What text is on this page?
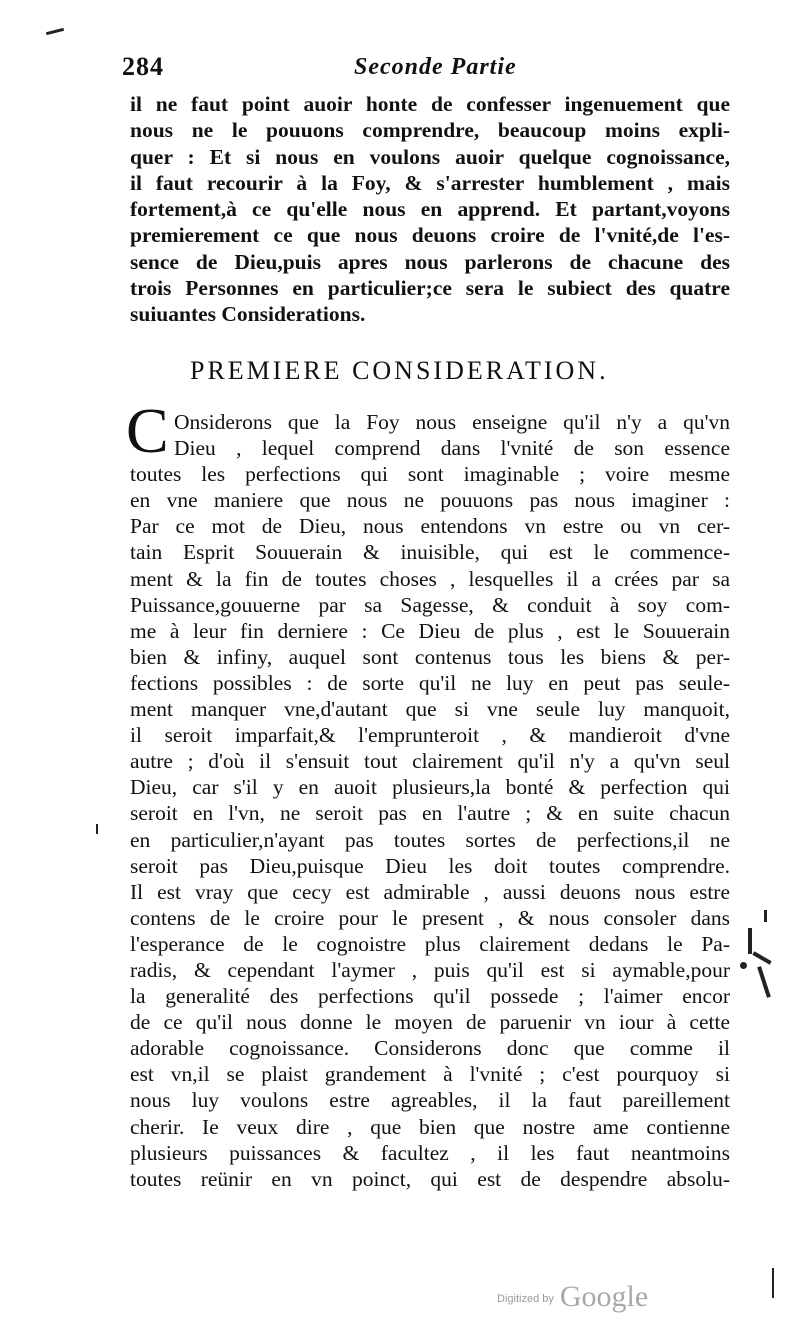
284	Seconde Partie
il ne faut point auoir honte de confesser ingenuement que
nous ne le pouuons comprendre, beaucoup moins expli-
quer : Et si nous en voulons auoir quelque cognoissance,
il faut recourir à la Foy, & s'arrester humblement , mais
fortement,à ce qu'elle nous en apprend. Et partant,voyons
premierement ce que nous deuons croire de l'vnité,de l'es-
sence de Dieu,puis apres nous parlerons de chacune des
trois Personnes en particulier;ce sera le subiect des quatre
suiuantes Considerations.
PREMIERE CONSIDERATION.
C Onsiderons que la Foy nous enseigne qu'il n'y a qu'vn
Dieu , lequel comprend dans l'vnité de son essence
toutes les perfections qui sont imaginable ; voire mesme
en vne maniere que nous ne pouuons pas nous imaginer :
Par ce mot de Dieu, nous entendons vn estre ou vn cer-
tain Esprit Souuerain & inuisible, qui est le commence-
ment & la fin de toutes choses , lesquelles il a crées par sa
Puissance,gouuerne par sa Sagesse, & conduit à soy com-
me à leur fin derniere : Ce Dieu de plus , est le Souuerain
bien & infiny, auquel sont contenus tous les biens & per-
fections possibles : de sorte qu'il ne luy en peut pas seule-
ment manquer vne,d'autant que si vne seule luy manquoit,
il seroit imparfait,& l'emprunteroit , & mandieroit d'vne
autre ; d'où il s'ensuit tout clairement qu'il n'y a qu'vn seul
Dieu, car s'il y en auoit plusieurs,la bonté & perfection qui
seroit en l'vn, ne seroit pas en l'autre ; & en suite chacun
en particulier,n'ayant pas toutes sortes de perfections,il ne
seroit pas Dieu,puisque Dieu les doit toutes comprendre.
Il est vray que cecy est admirable , aussi deuons nous estre
contens de le croire pour le present , & nous consoler dans
l'esperance de le cognoistre plus clairement dedans le Pa-
radis, & cependant l'aymer , puis qu'il est si aymable,pour
la generalité des perfections qu'il possede ; l'aimer encor
de ce qu'il nous donne le moyen de paruenir vn iour à cette
adorable cognoissance. Considerons donc que comme il
est vn,il se plaist grandement à l'vnité ; c'est pourquoy si
nous luy voulons estre agreables, il la faut pareillement
cherir. Ie veux dire , que bien que nostre ame contienne
plusieurs puissances & facultez , il les faut neantmoins
toutes reünir en vn poinct, qui est de despendre absolu-
$^{Digitized by}$ Google
